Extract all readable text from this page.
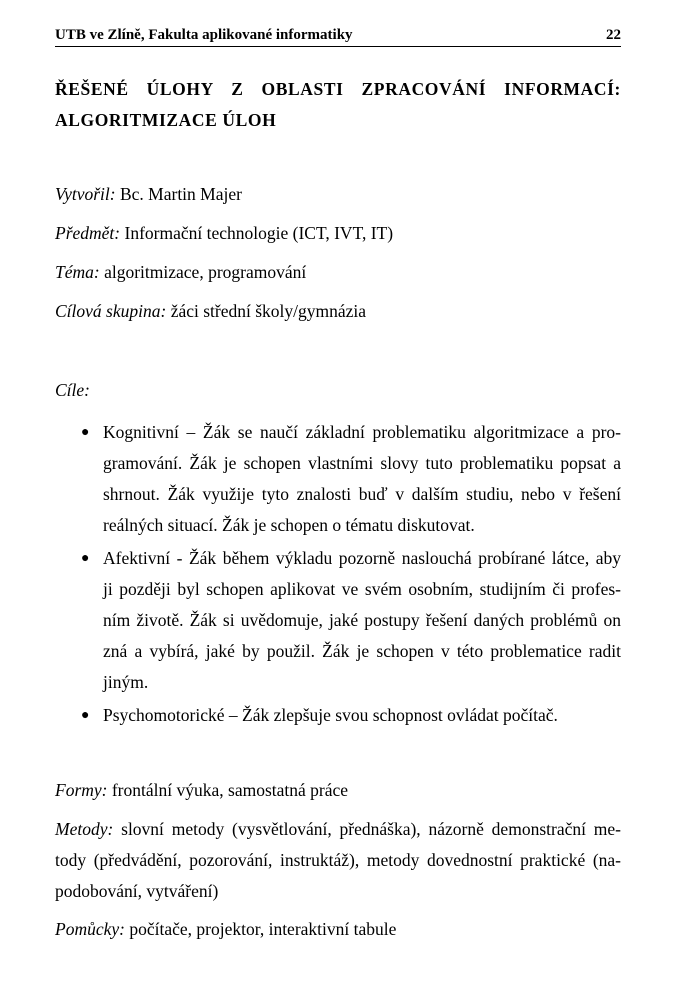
UTB ve Zlíně, Fakulta aplikované informatiky	22
ŘEŠENÉ ÚLOHY Z OBLASTI ZPRACOVÁNÍ INFORMACÍ:
ALGORITMIZACE ÚLOH
Vytvořil: Bc. Martin Majer
Předmět: Informační technologie (ICT, IVT, IT)
Téma: algoritmizace, programování
Cílová skupina: žáci střední školy/gymnázia
Cíle:
● Kognitivní – Žák se naučí základní problematiku algoritmizace a pro-
gramování. Žák je schopen vlastními slovy tuto problematiku popsat a
shrnout. Žák využije tyto znalosti buď v dalším studiu, nebo v řešení
reálných situací. Žák je schopen o tématu diskutovat.
● Afektivní - Žák během výkladu pozorně naslouchá probírané látce, aby
ji později byl schopen aplikovat ve svém osobním, studijním či profes-
ním životě. Žák si uvědomuje, jaké postupy řešení daných problémů on
zná a vybírá, jaké by použil. Žák je schopen v této problematice radit
jiným.
● Psychomotorické – Žák zlepšuje svou schopnost ovládat počítač.
Formy: frontální výuka, samostatná práce
Metody: slovní metody (vysvětlování, přednáška), názorně demonstrační me-
tody (předvádění, pozorování, instruktáž), metody dovednostní praktické (na-
podobování, vytváření)
Pomůcky: počítače, projektor, interaktivní tabule
